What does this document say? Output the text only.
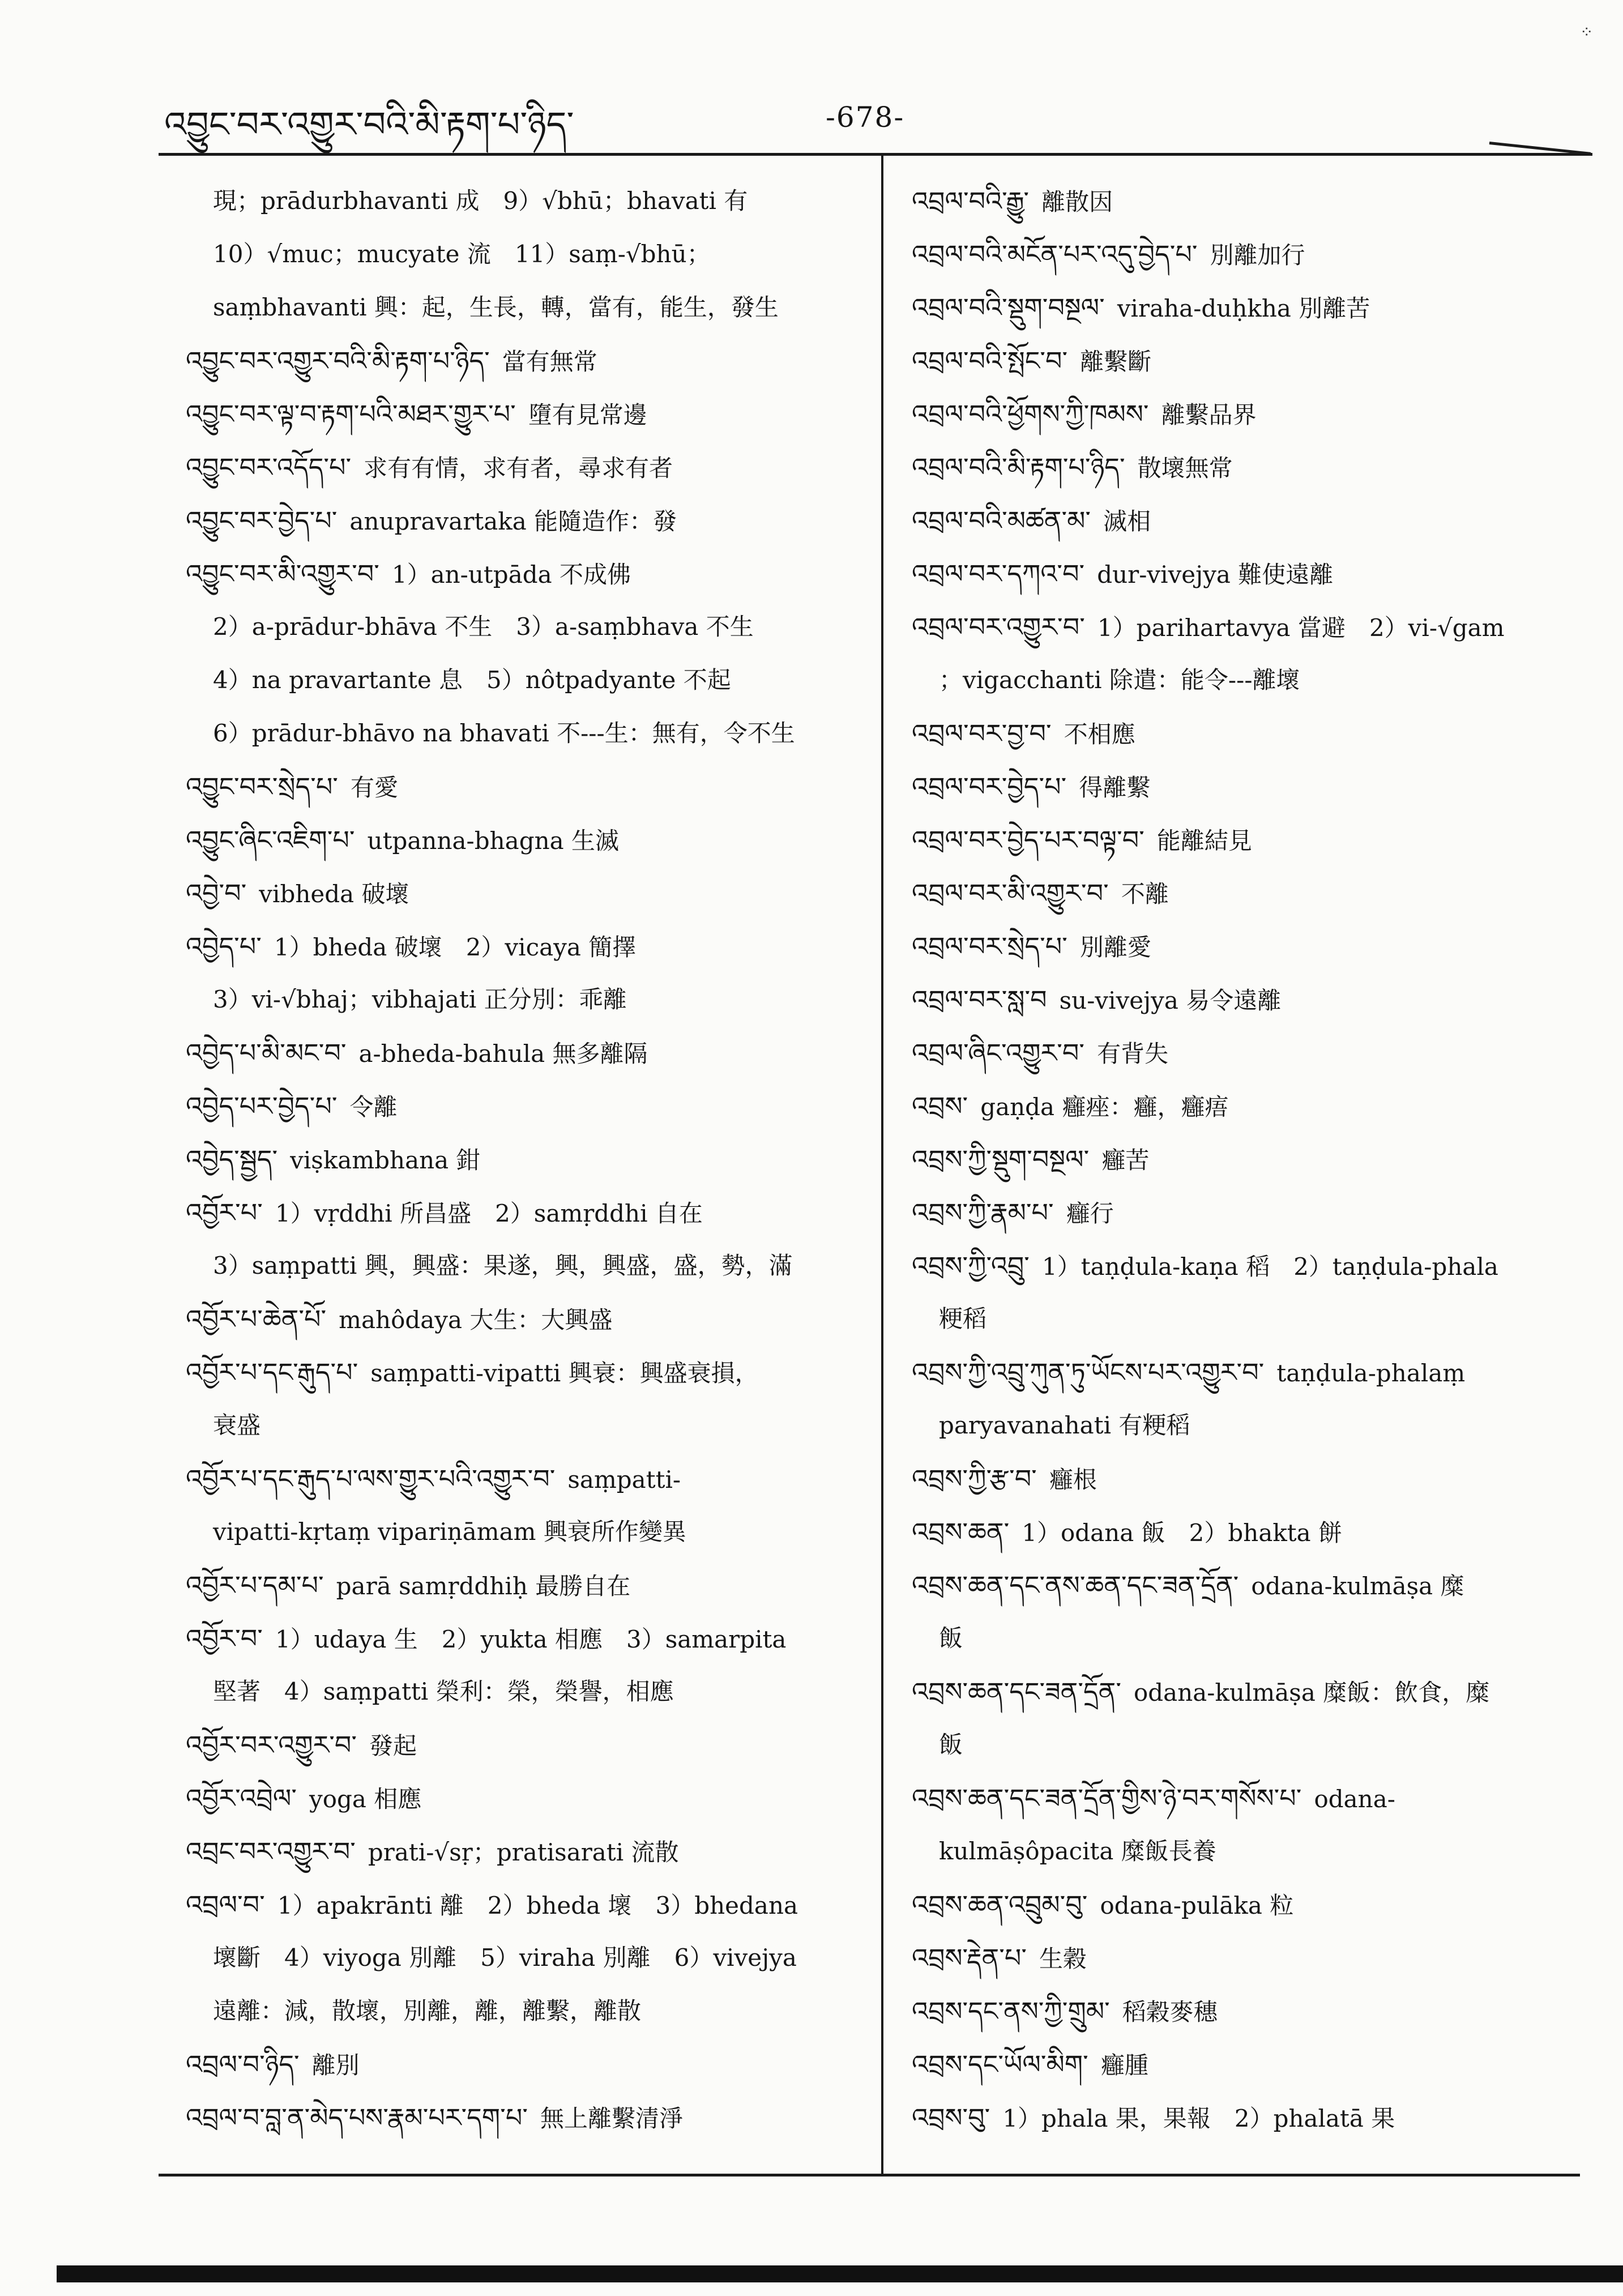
⁘
འབྱུང་བར་འགྱུར་བའི་མི་རྟག་པ་ཉིད་	-678-
現；prādurbhavanti 成　9）√bhū；bhavati 有
10）√muc；mucyate 流　11）saṃ-√bhū；
saṃbhavanti 興：起，生長，轉，當有，能生，發生
འབྱུང་བར་འགྱུར་བའི་མི་རྟག་པ་ཉིད་ 當有無常
འབྱུང་བར་ལྟ་བ་རྟག་པའི་མཐར་གྱུར་པ་ 墮有見常邊
འབྱུང་བར་འདོད་པ་ 求有有情，求有者，尋求有者
འབྱུང་བར་བྱེད་པ་ anupravartaka 能隨造作：發
འབྱུང་བར་མི་འགྱུར་བ་ 1）an-utpāda 不成佛
2）a-prādur-bhāva 不生　3）a-saṃbhava 不生
4）na pravartante 息　5）nôtpadyante 不起
6）prādur-bhāvo na bhavati 不---生：無有，令不生
འབྱུང་བར་སྲེད་པ་ 有愛
འབྱུང་ཞིང་འཇིག་པ་ utpanna-bhagna 生滅
འབྱེ་བ་ vibheda 破壞
འབྱེད་པ་ 1）bheda 破壞　2）vicaya 簡擇
3）vi-√bhaj；vibhajati 正分別：乖離
འབྱེད་པ་མི་མང་བ་ a-bheda-bahula 無多離隔
འབྱེད་པར་བྱེད་པ་ 令離
འབྱེད་སྦྱད་ viṣkambhana 鉗
འབྱོར་པ་ 1）vṛddhi 所昌盛　2）samṛddhi 自在
3）saṃpatti 興，興盛：果遂，興，興盛，盛，勢，滿
འབྱོར་པ་ཆེན་པོ་ mahôdaya 大生：大興盛
འབྱོར་པ་དང་རྒུད་པ་ saṃpatti-vipatti 興衰：興盛衰損，
衰盛
འབྱོར་པ་དང་རྒུད་པ་ལས་གྱུར་པའི་འགྱུར་བ་ saṃpatti-
vipatti-kṛtaṃ vipariṇāmam 興衰所作變異
འབྱོར་པ་དམ་པ་ parā samṛddhiḥ 最勝自在
འབྱོར་བ་ 1）udaya 生　2）yukta 相應　3）samarpita
堅著　4）saṃpatti 榮利：榮，榮譽，相應
འབྱོར་བར་འགྱུར་བ་ 發起
འབྱོར་འབྲེལ་ yoga 相應
འབྲང་བར་འགྱུར་བ་ prati-√sṛ；pratisarati 流散
འབྲལ་བ་ 1）apakrānti 離　2）bheda 壞　3）bhedana
壞斷　4）viyoga 別離　5）viraha 別離　6）vivejya
遠離：減，散壞，別離，離，離繫，離散
འབྲལ་བ་ཉིད་ 離別
འབྲལ་བ་བླ་ན་མེད་པས་རྣམ་པར་དག་པ་ 無上離繫清淨
འབྲལ་བའི་རྒྱུ་ 離散因
འབྲལ་བའི་མངོན་པར་འདུ་བྱེད་པ་ 別離加行
འབྲལ་བའི་སྡུག་བསྔལ་ viraha-duḥkha 別離苦
འབྲལ་བའི་སྤོང་བ་ 離繫斷
འབྲལ་བའི་ཕྱོགས་ཀྱི་ཁམས་ 離繫品界
འབྲལ་བའི་མི་རྟག་པ་ཉིད་ 散壞無常
འབྲལ་བའི་མཚན་མ་ 滅相
འབྲལ་བར་དཀའ་བ་ dur-vivejya 難使遠離
འབྲལ་བར་འགྱུར་བ་ 1）parihartavya 當避　2）vi-√gam
；vigacchanti 除遣：能令---離壞
འབྲལ་བར་བྱ་བ་ 不相應
འབྲལ་བར་བྱེད་པ་ 得離繫
འབྲལ་བར་བྱེད་པར་བལྟ་བ་ 能離結見
འབྲལ་བར་མི་འགྱུར་བ་ 不離
འབྲལ་བར་སྲེད་པ་ 別離愛
འབྲལ་བར་སླ་བ su-vivejya 易令遠離
འབྲལ་ཞིང་འགྱུར་བ་ 有背失
འབྲས་ gaṇḍa 癰痤：癰，癰痦
འབྲས་ཀྱི་སྡུག་བསྔལ་ 癰苦
འབྲས་ཀྱི་རྣམ་པ་ 癰行
འབྲས་ཀྱི་འབྲུ་ 1）taṇḍula-kaṇa 稻　2）taṇḍula-phala
粳稻
འབྲས་ཀྱི་འབྲུ་ཀུན་ཏུ་ཡོངས་པར་འགྱུར་བ་ taṇḍula-phalaṃ
paryavanahati 有粳稻
འབྲས་ཀྱི་རྩ་བ་ 癰根
འབྲས་ཆན་ 1）odana 飯　2）bhakta 餅
འབྲས་ཆན་དང་ནས་ཆན་དང་ཟན་དྲོན་ odana-kulmāṣa 糜
飯
འབྲས་ཆན་དང་ཟན་དྲོན་ odana-kulmāṣa 糜飯：飲食，糜
飯
འབྲས་ཆན་དང་ཟན་དྲོན་གྱིས་ཉེ་བར་གསོས་པ་ odana-
kulmāṣôpacita 糜飯長養
འབྲས་ཆན་འབྲུམ་བུ་ odana-pulāka 粒
འབྲས་རྡེན་པ་ 生穀
འབྲས་དང་ནས་ཀྱི་གྲུམ་ 稻穀麥穗
འབྲས་དང་ཡོལ་མིག་ 癰腫
འབྲས་བུ་ 1）phala 果，果報　2）phalatā 果
